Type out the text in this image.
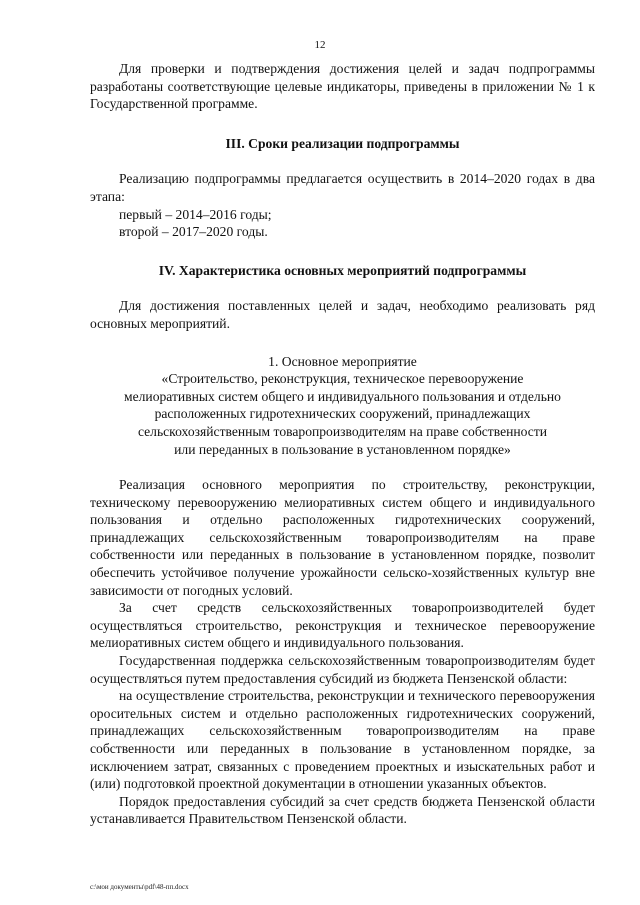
12

Для проверки и подтверждения достижения целей и задач подпрограммы разработаны соответствующие целевые индикаторы, приведены в приложении № 1 к Государственной программе.

III. Сроки реализации подпрограммы

Реализацию подпрограммы предлагается осуществить в 2014–2020 годах в два этапа:

первый – 2014–2016 годы;

второй – 2017–2020 годы.

IV. Характеристика основных мероприятий подпрограммы

Для достижения поставленных целей и задач, необходимо реализовать ряд основных мероприятий.

1. Основное мероприятие
«Строительство, реконструкция, техническое перевооружение
мелиоративных систем общего и индивидуального пользования и отдельно
расположенных гидротехнических сооружений, принадлежащих
сельскохозяйственным товаропроизводителям на праве собственности
или переданных в пользование в установленном порядке»

Реализация основного мероприятия по строительству, реконструкции, техническому перевооружению мелиоративных систем общего и индивидуального пользования и отдельно расположенных гидротехнических сооружений, принадлежащих сельскохозяйственным товаропроизводителям на праве собственности или переданных в пользование в установленном порядке, позволит обеспечить устойчивое получение урожайности сельско-хозяйственных культур вне зависимости от погодных условий.

За счет средств сельскохозяйственных товаропроизводителей будет осуществляться строительство, реконструкция и техническое перевооружение мелиоративных систем общего и индивидуального пользования.

Государственная поддержка сельскохозяйственным товаропроизводителям будет осуществляться путем предоставления субсидий из бюджета Пензенской области:

на осуществление строительства, реконструкции и технического перевооружения оросительных систем и отдельно расположенных гидротехнических сооружений, принадлежащих сельскохозяйственным товаропроизводителям на праве собственности или переданных в пользование в установленном порядке, за исключением затрат, связанных с проведением проектных и изыскательных работ и (или) подготовкой проектной документации в отношении указанных объектов.

Порядок предоставления субсидий за счет средств бюджета Пензенской области устанавливается Правительством Пензенской области.

c:\мои документы\pdf\48-пп.docx
